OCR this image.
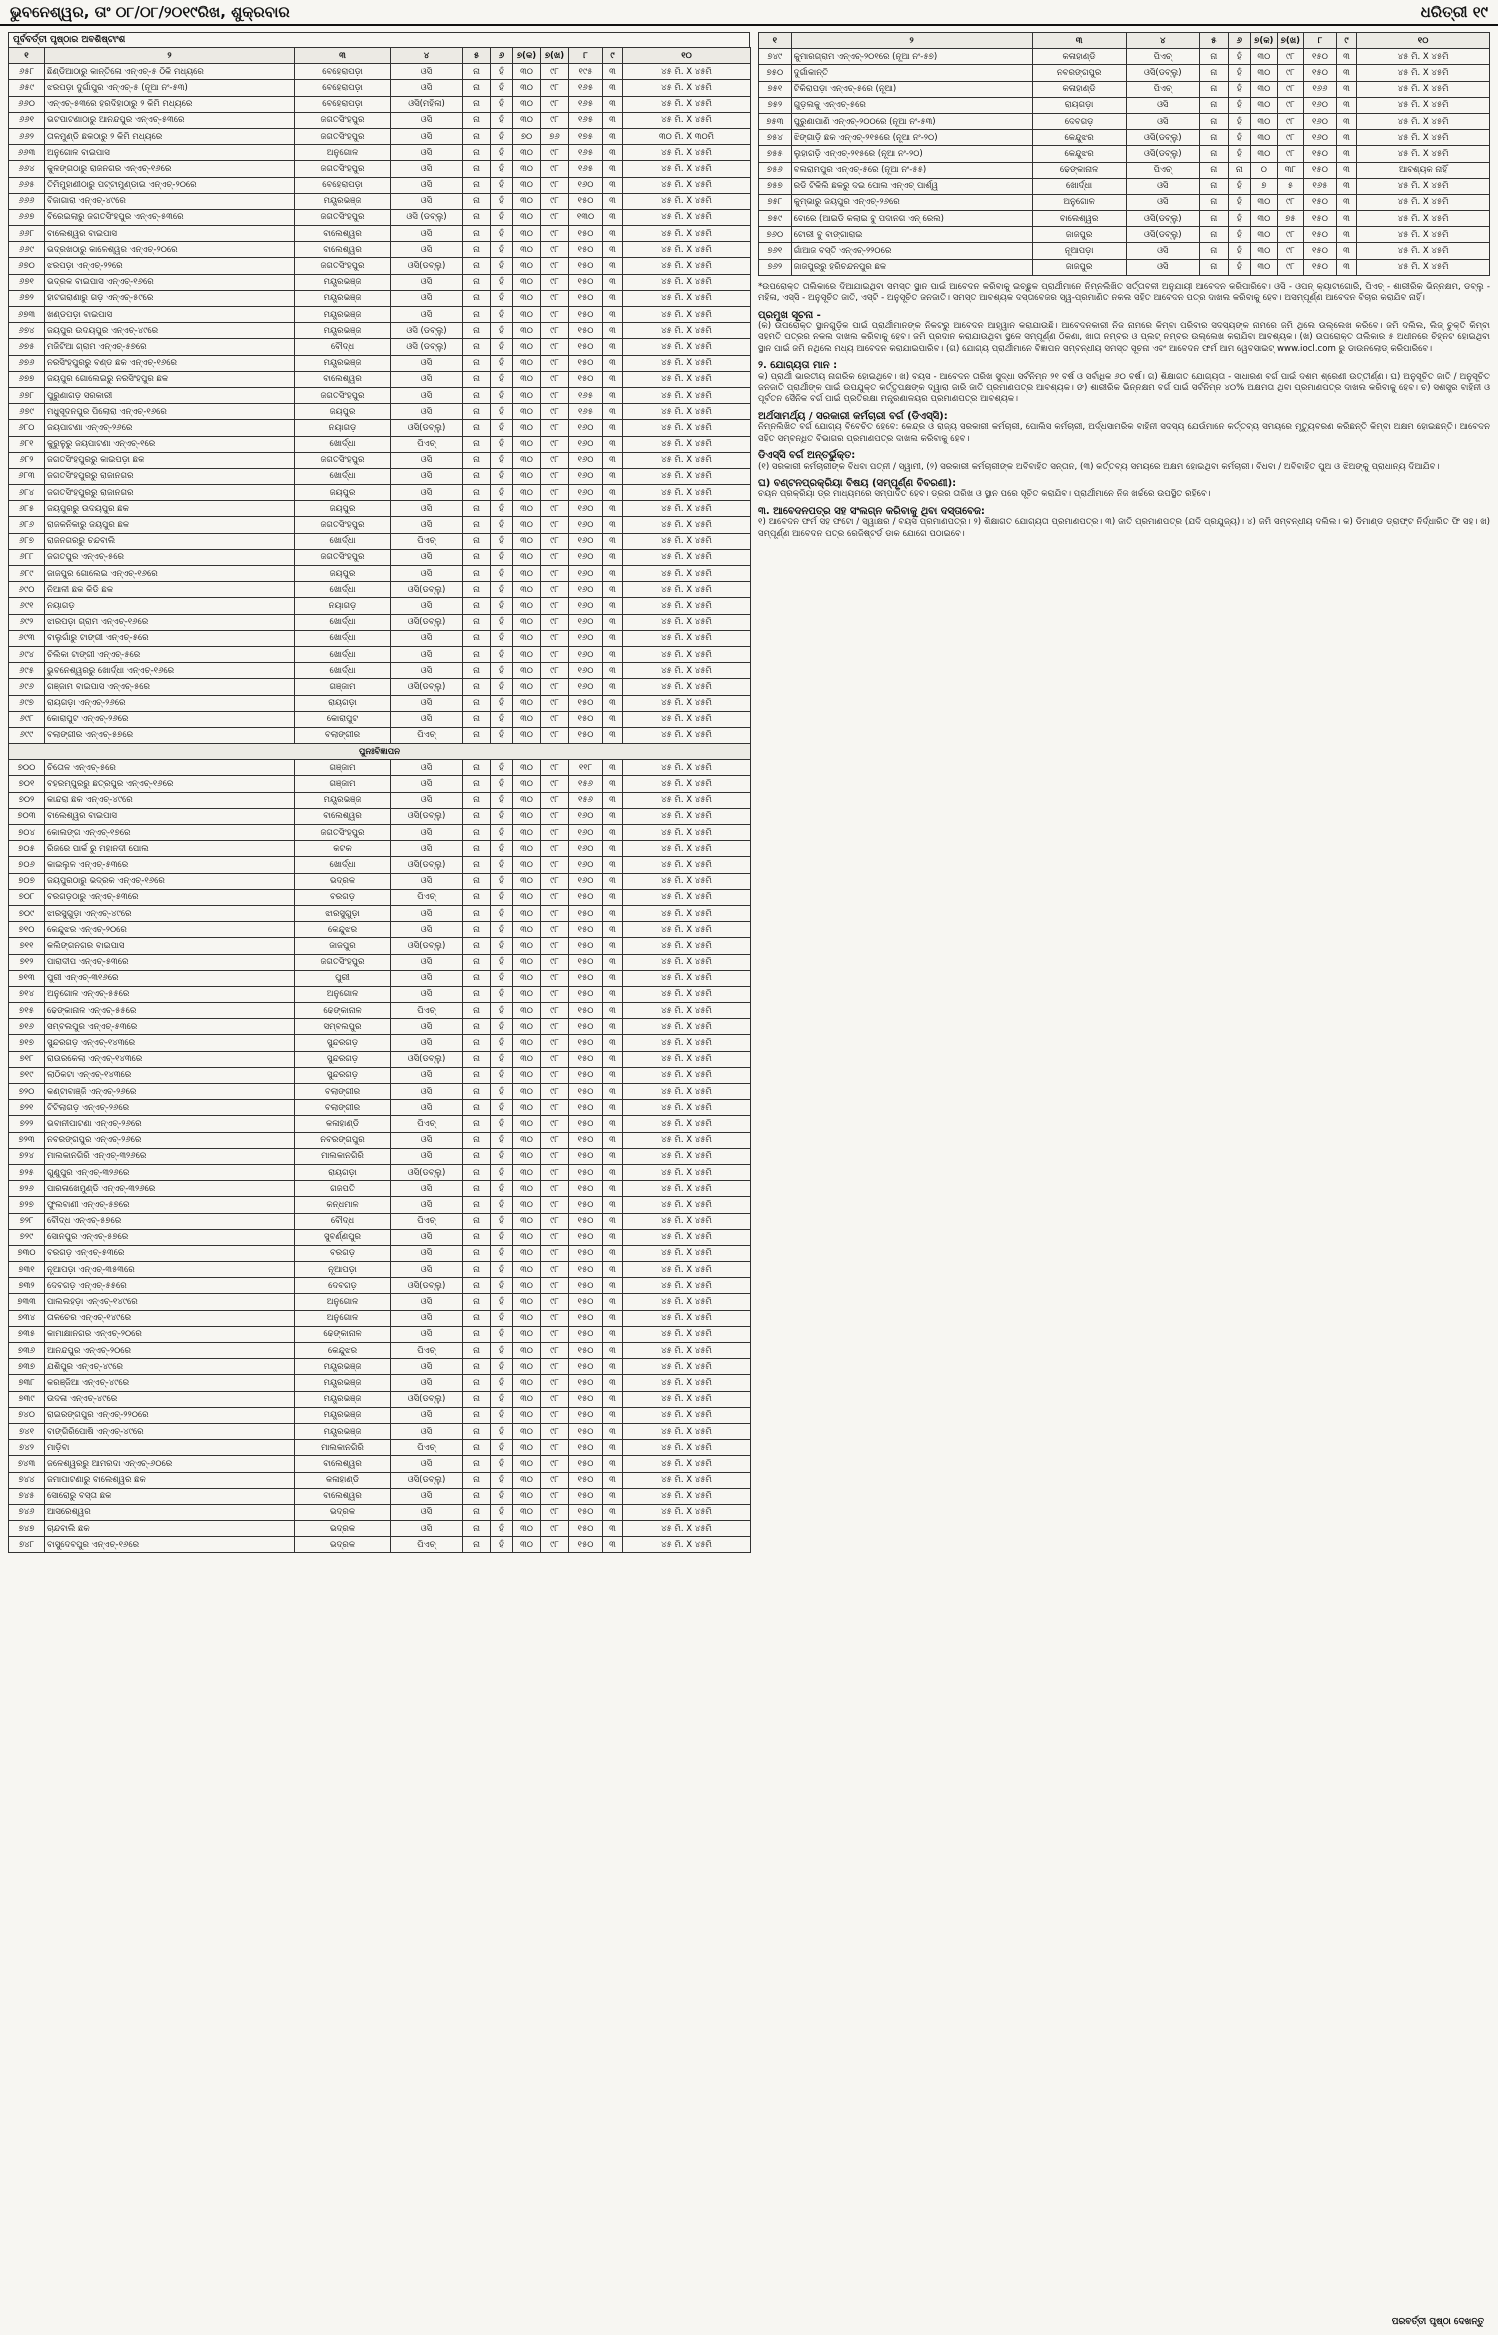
ଭୁବନେଶ୍ୱର, ତାଂ ୦୮/୦୮/୨୦୧୯ରିଖ, ଶୁକ୍ରବାର	ଧରିତ୍ରୀ ୧୯
ପୂର୍ବବର୍ତ୍ତୀ ପୃଷ୍ଠାର ଅବଶିଷ୍ଟାଂଶ
୧	୨	୩	୪	୫	୬	୭(କ)	୭(ଖ)	୮	୯	୧୦
୬୫୮	ଛିଣ୍ଡିଆଠାରୁ କାନ୍ତିଳୋ ଏନ୍‌ଏଚ୍-୫ ଠିକି ମଧ୍ୟରେ	ବେହେରାପଡ଼ା	ଓସି	ନା	ହଁ	୩୦	୯୮	୧୯୫	୩	୪୫ ମି. X ୪୫ମି
୬୫୯	ଝରପଡ଼ା ଦୁର୍ଗାପୁର ଏନ୍‌ଏଚ୍-୫ (ନୂଆ ନଂ-୫୩)	ବେହେରାପଡ଼ା	ଓସି	ନା	ହଁ	୩୦	୯୮	୧୬୫	୩	୪୫ ମି. X ୪୫ମି
୬୬୦	ଏନ୍‌ଏଚ୍-୫୩ରେ ହରଦିହାଠାରୁ ୨ କିମି ମଧ୍ୟରେ	ବେହେରାପଡ଼ା	ଓସି(ମହିଳା)	ନା	ହଁ	୩୦	୯୮	୧୬୫	୩	୪୫ ମି. X ୪୫ମି
୬୬୧	ଭଟପାଟଣାଠାରୁ ଆନନ୍ଦପୁର ଏନ୍‌ଏଚ୍-୫୩ରେ	ଜଗତସିଂହପୁର	ଓସି	ନା	ହଁ	୩୦	୯୮	୧୬୫	୩	୪୫ ମି. X ୪୫ମି
୬୬୨	ତାଳମୁଣ୍ଡି ଛକଠାରୁ ୨ କିମି ମଧ୍ୟରେ	ଜଗତସିଂହପୁର	ଓସି	ନା	ହଁ	୭୦	୭୬	୧୭୫	୩	୩୦ ମି. X ୩୦ମି
୬୬୩	ଅନୁଗୋଳ ବାଇପାସ	ଅନୁଗୋଳ	ଓସି	ନା	ହଁ	୩୦	୯୮	୧୬୫	୩	୪୫ ମି. X ୪୫ମି
୬୬୪	କୁଳଙ୍ଗଠାରୁ ରାଜନଗର ଏନ୍‌ଏଚ୍-୧୬ରେ	ଜଗତସିଂହପୁର	ଓସି	ନା	ହଁ	୩୦	୯୮	୧୬୫	୩	୪୫ ମି. X ୪୫ମି
୬୬୫	ତିମିମୁହାଣୀଠାରୁ ପଟ୍ଟାମୁଣ୍ଡାଇ ଏନ୍‌ଏଚ୍-୨୦ରେ	ବେହେରାପଡ଼ା	ଓସି	ନା	ହଁ	୩୦	୯୮	୧୬୦	୩	୪୫ ମି. X ୪୫ମି
୬୬୬	ବିଜାଗାରା ଏନ୍‌ଏଚ୍-୪୯ରେ	ମୟୂରଭଞ୍ଜ	ଓସି	ନା	ହଁ	୩୦	୯୮	୧୫୦	୩	୪୫ ମି. X ୪୫ମି
୬୬୭	ବିରେଇଲାରୁ ଜଗତସିଂହପୁର ଏନ୍‌ଏଚ୍-୫୩ରେ	ଜଗତସିଂହପୁର	ଓସି (ଡବ୍ଲୁ)	ନା	ହଁ	୩୦	୯୮	୧୩୦	୩	୪୫ ମି. X ୪୫ମି
୬୬୮	ବାଲେଶ୍ୱର ବାଇପାସ	ବାଲେଶ୍ୱର	ଓସି	ନା	ହଁ	୩୦	୯୮	୧୫୦	୩	୪୫ ମି. X ୪୫ମି
୬୬୯	ଭଦ୍ରଖଠାରୁ କାଳେଶ୍ୱର ଏନ୍‌ଏଚ୍-୨୦ରେ	ବାଲେଶ୍ୱର	ଓସି	ନା	ହଁ	୩୦	୯୮	୧୫୦	୩	୪୫ ମି. X ୪୫ମି
୬୭୦	ଝରପଡ଼ା ଏନ୍‌ଏଚ୍-୨୨ରେ	ଜଗତସିଂହପୁର	ଓସି(ଡବ୍ଲୁ)	ନା	ହଁ	୩୦	୯୮	୧୫୦	୩	୪୫ ମି. X ୪୫ମି
୬୭୧	ଭଦ୍ରକ ବାଇପାସ ଏନ୍‌ଏଚ୍-୧୬ରେ	ମୟୂରଭଞ୍ଜ	ଓସି	ନା	ହଁ	୩୦	୯୮	୧୫୦	୩	୪୫ ମି. X ୪୫ମି
୬୭୨	ହାଟଗରାଣାରୁ ଗଡ଼ ଏନ୍‌ଏଚ୍-୫୯ରେ	ମୟୂରଭଞ୍ଜ	ଓସି	ନା	ହଁ	୩୦	୯୮	୧୫୦	୩	୪୫ ମି. X ୪୫ମି
୬୭୩	ଖଣ୍ଡପଡ଼ା ବାଇପାସ	ମୟୂରଭଞ୍ଜ	ଓସି	ନା	ହଁ	୩୦	୯୮	୧୫୦	୩	୪୫ ମି. X ୪୫ମି
୬୭୪	ଜୟପୁର ଉଦୟପୁର ଏନ୍‌ଏଚ୍-୪୯ରେ	ମୟୂରଭଞ୍ଜ	ଓସି (ଡବ୍ଲୁ)	ନା	ହଁ	୩୦	୯୮	୧୫୦	୩	୪୫ ମି. X ୪୫ମି
୬୭୫	ମଜିଟିଆ ଗ୍ରାମ ଏନ୍‌ଏଚ୍-୫୭ରେ	ବୌଦ୍ଧ	ଓସି (ଡବ୍ଲୁ)	ନା	ହଁ	୩୦	୯୮	୧୫୦	୩	୪୫ ମି. X ୪୫ମି
୬୭୬	ନରସିଂହପୁରରୁ ବଣ୍ଡ ଛକ ଏନ୍‌ଏଚ୍-୧୬ରେ	ମୟୂରଭଞ୍ଜ	ଓସି	ନା	ହଁ	୩୦	୯୮	୧୫୦	୩	୪୫ ମି. X ୪୫ମି
୬୭୭	ଜୟପୁର ଗୋଲେଇରୁ ନରସିଂହପୁର ଛକ	ବାଲେଶ୍ୱର	ଓସି	ନା	ହଁ	୩୦	୯୮	୧୫୦	୩	୪୫ ମି. X ୪୫ମି
୬୭୮	ପୁରୁଣାଗଡ଼ ସରକାରୀ	ଜଗତସିଂହପୁର	ଓସି	ନା	ହଁ	୩୦	୯୮	୧୬୫	୩	୪୫ ମି. X ୪୫ମି
୬୭୯	ମଧୁସୂଦନପୁର ପିଲୋରା ଏନ୍‌ଏଚ୍-୧୬ରେ	ଜୟପୁର	ଓସି	ନା	ହଁ	୩୦	୯୮	୧୬୫	୩	୪୫ ମି. X ୪୫ମି
୬୮୦	ଜୟପାଟଣା ଏନ୍‌ଏଚ୍-୨୬ରେ	ନୟାଗଡ଼	ଓସି(ଡବ୍ଲୁ)	ନା	ହଁ	୩୦	୯୮	୧୬୦	୩	୪୫ ମି. X ୪୫ମି
୬୮୧	କୁରୁଳୁରୁ ଜୟପାଟଣା ଏନ୍‌ଏଚ୍-୧ରେ	ଖୋର୍ଦ୍ଧା	ପିଏଚ୍	ନା	ହଁ	୩୦	୯୮	୧୬୦	୩	୪୫ ମି. X ୪୫ମି
୬୮୨	ଜଗତସିଂହପୁରରୁ କାଇପଡ଼ା ଛକ	ଜଗତସିଂହପୁର	ଓସି	ନା	ହଁ	୩୦	୯୮	୧୬୦	୩	୪୫ ମି. X ୪୫ମି
୬୮୩	ଜଗତସିଂହପୁରରୁ ରାଜାନଗର	ଖୋର୍ଦ୍ଧା	ଓସି	ନା	ହଁ	୩୦	୯୮	୧୬୦	୩	୪୫ ମି. X ୪୫ମି
୬୮୪	ଜଗତସିଂହପୁରରୁ ରାଜାନଗର	ଜୟପୁର	ଓସି	ନା	ହଁ	୩୦	୯୮	୧୬୦	୩	୪୫ ମି. X ୪୫ମି
୬୮୫	ଜୟପୁରରୁ ଉଦୟପୁର ଛକ	ଜୟପୁର	ଓସି	ନା	ହଁ	୩୦	୯୮	୧୬୦	୩	୪୫ ମି. X ୪୫ମି
୬୮୬	ରାଜକନିକାରୁ ଜୟପୁର ଛକ	ଜଗତସିଂହପୁର	ଓସି	ନା	ହଁ	୩୦	୯୮	୧୬୦	୩	୪୫ ମି. X ୪୫ମି
୬୮୭	ରାଜନଗରରୁ ଚନ୍ଦବାଲି	ଖୋର୍ଦ୍ଧା	ପିଏଚ୍	ନା	ହଁ	୩୦	୯୮	୧୬୦	୩	୪୫ ମି. X ୪୫ମି
୬୮୮	ଜଗତପୁର ଏନ୍‌ଏଚ୍-୫ରେ	ଜଗତସିଂହପୁର	ଓସି	ନା	ହଁ	୩୦	୯୮	୧୬୦	୩	୪୫ ମି. X ୪୫ମି
୬୮୯	ଜାଜପୁର ଗୋଲେଇ ଏନ୍‌ଏଚ୍-୧୬ରେ	ଜୟପୁର	ଓସି	ନା	ହଁ	୩୦	୯୮	୧୬୦	୩	୪୫ ମି. X ୪୫ମି
୬୯୦	ନିଆଳୀ ଛକ କିଡି ଛକ	ଖୋର୍ଦ୍ଧା	ଓସି(ଡବ୍ଲୁ)	ନା	ହଁ	୩୦	୯୮	୧୬୦	୩	୪୫ ମି. X ୪୫ମି
୬୯୧	ନୟାଗଡ଼	ନୟାଗଡ଼	ଓସି	ନା	ହଁ	୩୦	୯୮	୧୬୦	୩	୪୫ ମି. X ୪୫ମି
୬୯୨	ଝାରପଡ଼ା ଗ୍ରାମ ଏନ୍‌ଏଚ୍-୧୬ରେ	ଖୋର୍ଦ୍ଧା	ଓସି(ଡବ୍ଲୁ)	ନା	ହଁ	୩୦	୯୮	୧୬୦	୩	୪୫ ମି. X ୪୫ମି
୬୯୩	ବାଲୁଗାଁରୁ ଟାଙ୍ଗୀ ଏନ୍‌ଏଚ୍-୫ରେ	ଖୋର୍ଦ୍ଧା	ଓସି	ନା	ହଁ	୩୦	୯୮	୧୬୦	୩	୪୫ ମି. X ୪୫ମି
୬୯୪	ଚିଲିକା ଟାଙ୍ଗୀ ଏନ୍‌ଏଚ୍-୫ରେ	ଖୋର୍ଦ୍ଧା	ଓସି	ନା	ହଁ	୩୦	୯୮	୧୬୦	୩	୪୫ ମି. X ୪୫ମି
୬୯୫	ଭୁବନେଶ୍ୱରରୁ ଖୋର୍ଦ୍ଧା ଏନ୍‌ଏଚ୍-୧୬ରେ	ଖୋର୍ଦ୍ଧା	ଓସି	ନା	ହଁ	୩୦	୯୮	୧୬୦	୩	୪୫ ମି. X ୪୫ମି
୬୯୬	ଗଞ୍ଜାମ ବାଇପାସ ଏନ୍‌ଏଚ୍-୫ରେ	ଗଞ୍ଜାମ	ଓସି(ଡବ୍ଲୁ)	ନା	ହଁ	୩୦	୯୮	୧୬୦	୩	୪୫ ମି. X ୪୫ମି
୬୯୭	ରାୟଗଡ଼ା ଏନ୍‌ଏଚ୍-୨୬ରେ	ରାୟଗଡ଼ା	ଓସି	ନା	ହଁ	୩୦	୯୮	୧୫୦	୩	୪୫ ମି. X ୪୫ମି
୬୯୮	କୋରାପୁଟ ଏନ୍‌ଏଚ୍-୨୬ରେ	କୋରାପୁଟ	ଓସି	ନା	ହଁ	୩୦	୯୮	୧୫୦	୩	୪୫ ମି. X ୪୫ମି
୬୯୯	ବଲାଙ୍ଗୀର ଏନ୍‌ଏଚ୍-୫୭ରେ	ବଲାଙ୍ଗୀର	ପିଏଚ୍	ନା	ହଁ	୩୦	୯୮	୧୫୦	୩	୪୫ ମି. X ୪୫ମି
ପୁନଃବିଜ୍ଞାପନ										
୭୦୦	ଚିତୋଳ ଏନ୍‌ଏଚ୍-୫ରେ	ଗଞ୍ଜାମ	ଓସି	ନା	ହଁ	୩୦	୯୮	୧୧୮	୩	୪୫ ମି. X ୪୫ମି
୭୦୧	ବହରମ୍ପୁରରୁ ଛତ୍ରପୁର ଏନ୍‌ଏଚ୍-୧୬ରେ	ଗଞ୍ଜାମ	ଓସି	ନା	ହଁ	୩୦	୯୮	୧୫୬	୩	୪୫ ମି. X ୪୫ମି
୭୦୨	କାନ୍ଦରା ଛକ ଏନ୍‌ଏଚ୍-୪୯ରେ	ମୟୂରଭଞ୍ଜ	ଓସି	ନା	ହଁ	୩୦	୯୮	୧୫୬	୩	୪୫ ମି. X ୪୫ମି
୭୦୩	ବାଲେଶ୍ୱର ବାଇପାସ	ବାଲେଶ୍ୱର	ଓସି(ଡବ୍ଲୁ)	ନା	ହଁ	୩୦	୯୮	୧୬୦	୩	୪୫ ମି. X ୪୫ମି
୭୦୪	କୋଲଙ୍ଗ ଏନ୍‌ଏଚ୍-୧୭ରେ	ଜଗତସିଂହପୁର	ଓସି	ନା	ହଁ	୩୦	୯୮	୧୬୦	୩	୪୫ ମି. X ୪୫ମି
୭୦୫	ରିଜରେ ପାର୍କ ରୁ ମହାନଦୀ ପୋଲ	କଟକ	ଓସି	ନା	ହଁ	୩୦	୯୮	୧୬୦	୩	୪୫ ମି. X ୪୫ମି
୭୦୬	କାଇଲୁଳ ଏନ୍‌ଏଚ୍-୫୩ରେ	ଖୋର୍ଦ୍ଧା	ଓସି(ଡବ୍ଲୁ)	ନା	ହଁ	୩୦	୯୮	୧୬୦	୩	୪୫ ମି. X ୪୫ମି
୭୦୭	ଜୟପୁରଠାରୁ ଭଦ୍ରକ ଏନ୍‌ଏଚ୍-୧୬ରେ	ଭଦ୍ରକ	ଓସି	ନା	ହଁ	୩୦	୯୮	୧୬୦	୩	୪୫ ମି. X ୪୫ମି
୭୦୮	ବରଗଡ଼ଠାରୁ ଏନ୍‌ଏଚ୍-୫୩ରେ	ବରଗଡ଼	ପିଏଚ୍	ନା	ହଁ	୩୦	୯୮	୧୫୦	୩	୪୫ ମି. X ୪୫ମି
୭୦୯	ଝାରସୁଗୁଡ଼ା ଏନ୍‌ଏଚ୍-୪୯ରେ	ଝାରସୁଗୁଡ଼ା	ଓସି	ନା	ହଁ	୩୦	୯୮	୧୫୦	୩	୪୫ ମି. X ୪୫ମି
୭୧୦	କେନ୍ଦୁଝର ଏନ୍‌ଏଚ୍-୨୦ରେ	କେନ୍ଦୁଝର	ଓସି	ନା	ହଁ	୩୦	୯୮	୧୫୦	୩	୪୫ ମି. X ୪୫ମି
୭୧୧	କଲିଙ୍ଗନଗର ବାଇପାସ	ଜାଜପୁର	ଓସି(ଡବ୍ଲୁ)	ନା	ହଁ	୩୦	୯୮	୧୫୦	୩	୪୫ ମି. X ୪୫ମି
୭୧୨	ପାରାଦୀପ ଏନ୍‌ଏଚ୍-୫୩ରେ	ଜଗତସିଂହପୁର	ଓସି	ନା	ହଁ	୩୦	୯୮	୧୫୦	୩	୪୫ ମି. X ୪୫ମି
୭୧୩	ପୁରୀ ଏନ୍‌ଏଚ୍-୩୧୬ରେ	ପୁରୀ	ଓସି	ନା	ହଁ	୩୦	୯୮	୧୫୦	୩	୪୫ ମି. X ୪୫ମି
୭୧୪	ଅନୁଗୋଳ ଏନ୍‌ଏଚ୍-୫୫ରେ	ଅନୁଗୋଳ	ଓସି	ନା	ହଁ	୩୦	୯୮	୧୫୦	୩	୪୫ ମି. X ୪୫ମି
୭୧୫	ଢେଙ୍କାନାଳ ଏନ୍‌ଏଚ୍-୫୫ରେ	ଢେଙ୍କାନାଳ	ପିଏଚ୍	ନା	ହଁ	୩୦	୯୮	୧୫୦	୩	୪୫ ମି. X ୪୫ମି
୭୧୬	ସମ୍ବଲପୁର ଏନ୍‌ଏଚ୍-୫୩ରେ	ସମ୍ବଲପୁର	ଓସି	ନା	ହଁ	୩୦	୯୮	୧୫୦	୩	୪୫ ମି. X ୪୫ମି
୭୧୭	ସୁନ୍ଦରଗଡ଼ ଏନ୍‌ଏଚ୍-୧୪୩ରେ	ସୁନ୍ଦରଗଡ଼	ଓସି	ନା	ହଁ	୩୦	୯୮	୧୫୦	୩	୪୫ ମି. X ୪୫ମି
୭୧୮	ରାଉରକେଲା ଏନ୍‌ଏଚ୍-୧୪୩ରେ	ସୁନ୍ଦରଗଡ଼	ଓସି(ଡବ୍ଲୁ)	ନା	ହଁ	୩୦	୯୮	୧୫୦	୩	୪୫ ମି. X ୪୫ମି
୭୧୯	ଲାଠିକଟା ଏନ୍‌ଏଚ୍-୧୪୩ରେ	ସୁନ୍ଦରଗଡ଼	ଓସି	ନା	ହଁ	୩୦	୯୮	୧୫୦	୩	୪୫ ମି. X ୪୫ମି
୭୨୦	କଣ୍ଟାବାଞ୍ଜି ଏନ୍‌ଏଚ୍-୨୬ରେ	ବଲାଙ୍ଗୀର	ଓସି	ନା	ହଁ	୩୦	୯୮	୧୫୦	୩	୪୫ ମି. X ୪୫ମି
୭୨୧	ଟିଟିଲାଗଡ଼ ଏନ୍‌ଏଚ୍-୨୬ରେ	ବଲାଙ୍ଗୀର	ଓସି	ନା	ହଁ	୩୦	୯୮	୧୫୦	୩	୪୫ ମି. X ୪୫ମି
୭୨୨	ଭବାନୀପାଟଣା ଏନ୍‌ଏଚ୍-୨୬ରେ	କଳାହାଣ୍ଡି	ପିଏଚ୍	ନା	ହଁ	୩୦	୯୮	୧୫୦	୩	୪୫ ମି. X ୪୫ମି
୭୨୩	ନବରଙ୍ଗପୁର ଏନ୍‌ଏଚ୍-୨୬ରେ	ନବରଙ୍ଗପୁର	ଓସି	ନା	ହଁ	୩୦	୯୮	୧୫୦	୩	୪୫ ମି. X ୪୫ମି
୭୨୪	ମାଲକାନଗିରି ଏନ୍‌ଏଚ୍-୩୨୬ରେ	ମାଲକାନଗିରି	ଓସି	ନା	ହଁ	୩୦	୯୮	୧୫୦	୩	୪୫ ମି. X ୪୫ମି
୭୨୫	ଗୁଣୁପୁର ଏନ୍‌ଏଚ୍-୩୨୬ରେ	ରାୟଗଡ଼ା	ଓସି(ଡବ୍ଲୁ)	ନା	ହଁ	୩୦	୯୮	୧୫୦	୩	୪୫ ମି. X ୪୫ମି
୭୨୬	ପାରଳାଖେମୁଣ୍ଡି ଏନ୍‌ଏଚ୍-୩୨୬ରେ	ଗଜପତି	ଓସି	ନା	ହଁ	୩୦	୯୮	୧୫୦	୩	୪୫ ମି. X ୪୫ମି
୭୨୭	ଫୁଲବାଣୀ ଏନ୍‌ଏଚ୍-୫୭ରେ	କନ୍ଧମାଳ	ଓସି	ନା	ହଁ	୩୦	୯୮	୧୫୦	୩	୪୫ ମି. X ୪୫ମି
୭୨୮	ବୌଦ୍ଧ ଏନ୍‌ଏଚ୍-୫୭ରେ	ବୌଦ୍ଧ	ପିଏଚ୍	ନା	ହଁ	୩୦	୯୮	୧୫୦	୩	୪୫ ମି. X ୪୫ମି
୭୨୯	ସୋନପୁର ଏନ୍‌ଏଚ୍-୫୭ରେ	ସୁବର୍ଣ୍ଣପୁର	ଓସି	ନା	ହଁ	୩୦	୯୮	୧୫୦	୩	୪୫ ମି. X ୪୫ମି
୭୩୦	ବରଗଡ଼ ଏନ୍‌ଏଚ୍-୫୩ରେ	ବରଗଡ଼	ଓସି	ନା	ହଁ	୩୦	୯୮	୧୫୦	୩	୪୫ ମି. X ୪୫ମି
୭୩୧	ନୂଆପଡ଼ା ଏନ୍‌ଏଚ୍-୩୫୩ରେ	ନୂଆପଡ଼ା	ଓସି	ନା	ହଁ	୩୦	୯୮	୧୫୦	୩	୪୫ ମି. X ୪୫ମି
୭୩୨	ଦେବଗଡ଼ ଏନ୍‌ଏଚ୍-୫୫ରେ	ଦେବଗଡ଼	ଓସି(ଡବ୍ଲୁ)	ନା	ହଁ	୩୦	୯୮	୧୫୦	୩	୪୫ ମି. X ୪୫ମି
୭୩୩	ପାଲଲହଡ଼ା ଏନ୍‌ଏଚ୍-୧୪୯ରେ	ଅନୁଗୋଳ	ଓସି	ନା	ହଁ	୩୦	୯୮	୧୫୦	୩	୪୫ ମି. X ୪୫ମି
୭୩୪	ତାଳଚେର ଏନ୍‌ଏଚ୍-୧୪୯ରେ	ଅନୁଗୋଳ	ଓସି	ନା	ହଁ	୩୦	୯୮	୧୫୦	୩	୪୫ ମି. X ୪୫ମି
୭୩୫	କାମାକ୍ଷାନଗର ଏନ୍‌ଏଚ୍-୨୦ରେ	ଢେଙ୍କାନାଳ	ଓସି	ନା	ହଁ	୩୦	୯୮	୧୫୦	୩	୪୫ ମି. X ୪୫ମି
୭୩୬	ଆନନ୍ଦପୁର ଏନ୍‌ଏଚ୍-୨୦ରେ	କେନ୍ଦୁଝର	ପିଏଚ୍	ନା	ହଁ	୩୦	୯୮	୧୫୦	୩	୪୫ ମି. X ୪୫ମି
୭୩୭	ଯଶିପୁର ଏନ୍‌ଏଚ୍-୪୯ରେ	ମୟୂରଭଞ୍ଜ	ଓସି	ନା	ହଁ	୩୦	୯୮	୧୫୦	୩	୪୫ ମି. X ୪୫ମି
୭୩୮	କରଞ୍ଜିଆ ଏନ୍‌ଏଚ୍-୪୯ରେ	ମୟୂରଭଞ୍ଜ	ଓସି	ନା	ହଁ	୩୦	୯୮	୧୫୦	୩	୪୫ ମି. X ୪୫ମି
୭୩୯	ଉଦଳା ଏନ୍‌ଏଚ୍-୪୯ରେ	ମୟୂରଭଞ୍ଜ	ଓସି(ଡବ୍ଲୁ)	ନା	ହଁ	୩୦	୯୮	୧୫୦	୩	୪୫ ମି. X ୪୫ମି
୭୪୦	ରାଇରଙ୍ଗପୁର ଏନ୍‌ଏଚ୍-୨୨୦ରେ	ମୟୂରଭଞ୍ଜ	ଓସି	ନା	ହଁ	୩୦	୯୮	୧୫୦	୩	୪୫ ମି. X ୪୫ମି
୭୪୧	ବାଙ୍ଗିରିପୋଷି ଏନ୍‌ଏଚ୍-୪୯ରେ	ମୟୂରଭଞ୍ଜ	ଓସି	ନା	ହଁ	୩୦	୯୮	୧୫୦	୩	୪୫ ମି. X ୪୫ମି
୭୪୨	ମାଡ଼ିବା	ମାଲକାନଗିରି	ପିଏଚ୍	ନା	ହଁ	୩୦	୯୮	୧୫୦	୩	୪୫ ମି. X ୪୫ମି
୭୪୩	ଜଳେଶ୍ୱରରୁ ଆମରଦା ଏନ୍‌ଏଚ୍-୬୦ରେ	ବାଲେଶ୍ୱର	ଓସି	ନା	ହଁ	୩୦	୯୮	୧୫୦	୩	୪୫ ମି. X ୪୫ମି
୭୪୪	ଜମାପାଟଣାରୁ ବାଲେଶ୍ୱର ଛକ	କଳାହାଣ୍ଡି	ଓସି(ଡବ୍ଲୁ)	ନା	ହଁ	୩୦	୯୮	୧୫୦	୩	୪୫ ମି. X ୪୫ମି
୭୪୫	ସୋରୋରୁ ବସ୍ତା ଛକ	ବାଲେଶ୍ୱର	ଓସି	ନା	ହଁ	୩୦	୯୮	୧୫୦	୩	୪୫ ମି. X ୪୫ମି
୭୪୬	ଆସରେଶ୍ୱର	ଭଦ୍ରକ	ଓସି	ନା	ହଁ	୩୦	୯୮	୧୫୦	୩	୪୫ ମି. X ୪୫ମି
୭୪୭	ଚାନ୍ଦବାଲି ଛକ	ଭଦ୍ରକ	ଓସି	ନା	ହଁ	୩୦	୯୮	୧୫୦	୩	୪୫ ମି. X ୪୫ମି
୭୪୮	ବାସୁଦେବପୁର ଏନ୍‌ଏଚ୍-୧୬ରେ	ଭଦ୍ରକ	ପିଏଚ୍	ନା	ହଁ	୩୦	୯୮	୧୫୦	୩	୪୫ ମି. X ୪୫ମି
୧	୨	୩	୪	୫	୬	୭(କ)	୭(ଖ)	୮	୯	୧୦
୭୪୯	କୁମାରଗ୍ରାମ ଏନ୍‌ଏଚ୍-୨୦୧ରେ (ନୂଆ ନଂ-୫୭)	କଳାହାଣ୍ଡି	ପିଏଚ୍	ନା	ହଁ	୩୦	୯୮	୧୫୦	୩	୪୫ ମି. X ୪୫ମି
୭୫୦	ଦୁର୍ଗାକାନ୍ତି	ନବରଙ୍ଗପୁର	ଓସି(ଡବ୍ଲୁ)	ନା	ହଁ	୩୦	୯୮	୧୫୦	୩	୪୫ ମି. X ୪୫ମି
୭୫୧	ଟିକିରାପଡ଼ା ଏନ୍‌ଏଚ୍-୫ରେ (ନୂଆ)	କଳାହାଣ୍ଡି	ପିଏଚ୍	ନା	ହଁ	୩୦	୯୮	୧୬୬	୩	୪୫ ମି. X ୪୫ମି
୭୫୨	ଗୁଡ଼ଲକୁ ଏନ୍‌ଏଚ୍-୫ରେ	ରାୟଗଡ଼ା	ଓସି	ନା	ହଁ	୩୦	୯୮	୧୬୦	୩	୪୫ ମି. X ୪୫ମି
୭୫୩	ପୁରୁଣାପାଣି ଏନ୍‌ଏଚ୍-୨୦୦ରେ (ନୂଆ ନଂ-୫୩)	ଦେବଗଡ଼	ଓସି	ନା	ହଁ	୩୦	୯୮	୧୬୦	୩	୪୫ ମି. X ୪୫ମି
୭୫୪	ଝିଙ୍ଗାଡ଼ି ଛକ ଏନ୍‌ଏଚ୍-୨୧୫ରେ (ନୂଆ ନଂ-୨୦)	କେନ୍ଦୁଝର	ଓସି(ଡବ୍ଲୁ)	ନା	ହଁ	୩୦	୯୮	୧୬୦	୩	୪୫ ମି. X ୪୫ମି
୭୫୫	ଲୁହାଗଡ଼ି ଏନ୍‌ଏଚ୍-୨୧୫ରେ (ନୂଆ ନଂ-୨୦)	କେନ୍ଦୁଝର	ଓସି(ଡବ୍ଲୁ)	ନା	ହଁ	୩୦	୯୮	୧୫୦	୩	୪୫ ମି. X ୪୫ମି
୭୫୬	ବଲରାମପୁର ଏନ୍‌ଏଚ୍-୫ରେ (ନୂଆ ନଂ-୫୫)	ଢେଙ୍କାନାଳ	ପିଏଚ୍	ନା	ନା	୦	୩୮	୧୫୦	୩	ଆବଶ୍ୟକ ନାହିଁ
୭୫୭	ରଡି ଟିକିଲି ଛକରୁ ଦଇ ପୋଲ ଏନ୍‌ଏଚ୍ ପାର୍ଶ୍ୱ	ଖୋର୍ଦ୍ଧା	ଓସି	ନା	ହଁ	୭	୫	୧୬୫	୩	୪୫ ମି. X ୪୫ମି
୭୫୮	କୁମ୍ଭାରୁ ଜୟପୁର ଏନ୍‌ଏଚ୍-୨୬ରେ	ଅନୁଗୋଳ	ଓସି	ନା	ହଁ	୩୦	୯୮	୧୫୦	୩	୪୫ ମି. X ୪୫ମି
୭୫୯	ବୋରେ (ଆଇଡି କଲାଇ ବୁ ପଦାନଗ ଏନ୍ ରେଲ)	ବାଲେଶ୍ୱର	ଓସି(ଡବ୍ଲୁ)	ନା	ହଁ	୩୦	୭୫	୧୫୦	୩	୪୫ ମି. X ୪୫ମି
୭୬୦	ଟୋରୀ ବୁ ବାଙ୍ଗାରାଇ	ଜାଜପୁର	ଓସି(ଡବ୍ଲୁ)	ନା	ହଁ	୩୦	୯୮	୧୫୦	୩	୪୫ ମି. X ୪୫ମି
୭୬୧	ଗାଁଆଜ ବସ୍ତି ଏନ୍‌ଏଚ୍-୨୨୦ରେ	ନୂଆପଡ଼ା	ଓସି	ନା	ହଁ	୩୦	୯୮	୧୫୦	୩	୪୫ ମି. X ୪୫ମି
୭୬୨	ଜାଜପୁରରୁ ହରିଚନ୍ଦନପୁର ଛକ	ଜାଜପୁର	ଓସି	ନା	ହଁ	୩୦	୯୮	୧୫୦	୩	୪୫ ମି. X ୪୫ମି

*ଉପରୋକ୍ତ ତାଲିକାରେ ଦିଆଯାଇଥିବା ସମସ୍ତ ସ୍ଥାନ ପାଇଁ ଆବେଦନ କରିବାକୁ ଇଚ୍ଛୁକ ପ୍ରାର୍ଥୀମାନେ ନିମ୍ନଲିଖିତ ସର୍ତ୍ତାବଳୀ ଅନୁଯାୟୀ ଆବେଦନ କରିପାରିବେ। ଓସି - ଓପନ୍ କ୍ୟାଟାଗୋରି, ପିଏଚ୍ - ଶାରୀରିକ ଭିନ୍ନକ୍ଷମ, ଡବ୍ଲୁ - ମହିଳା, ଏସ୍‌ସି - ଅନୁସୂଚିତ ଜାତି, ଏସ୍‌ଟି - ଅନୁସୂଚିତ ଜନଜାତି। ସମସ୍ତ ଆବଶ୍ୟକ ଦସ୍ତାବେଜର ସ୍ୱ-ପ୍ରମାଣିତ ନକଲ ସହିତ ଆବେଦନ ପତ୍ର ଦାଖଲ କରିବାକୁ ହେବ। ଅସମ୍ପୂର୍ଣ୍ଣ ଆବେଦନ ବିଚାର କରାଯିବ ନାହିଁ।

ପ୍ରମୁଖ ସୂଚନା -

(କ) ଉପରୋକ୍ତ ସ୍ଥାନଗୁଡ଼ିକ ପାଇଁ ପ୍ରାର୍ଥୀମାନଙ୍କ ନିକଟରୁ ଆବେଦନ ଆହ୍ୱାନ କରାଯାଉଛି। ଆବେଦନକାରୀ ନିଜ ନାମରେ କିମ୍ବା ପରିବାର ସଦସ୍ୟଙ୍କ ନାମରେ ଜମି ଥିଲେ ଉଲ୍ଲେଖ କରିବେ। ଜମି ଦଲିଲ, ଲିଜ୍ ଚୁକ୍ତି କିମ୍ବା ସହମତି ପତ୍ରର ନକଲ ଦାଖଲ କରିବାକୁ ହେବ। ଜମି ପ୍ରଦାନ କରାଯାଉଥିବା ସ୍ଥଳେ ସମ୍ପୂର୍ଣ୍ଣ ଠିକଣା, ଖାତା ନମ୍ବର ଓ ପ୍ଲଟ୍ ନମ୍ବର ଉଲ୍ଲେଖ କରାଯିବା ଆବଶ୍ୟକ। (ଖ) ଉପରୋକ୍ତ ତାଲିକାର ୫ ଅଧୀନରେ ଚିହ୍ନଟ ହୋଇଥିବା ସ୍ଥାନ ପାଇଁ ଜମି ନଥିଲେ ମଧ୍ୟ ଆବେଦନ କରାଯାଇପାରିବ। (ଗ) ଯୋଗ୍ୟ ପ୍ରାର୍ଥୀମାନେ ବିଜ୍ଞାପନ ସମ୍ବନ୍ଧୀୟ ସମସ୍ତ ସୂଚନା ଏବଂ ଆବେଦନ ଫର୍ମ ଆମ ୱେବସାଇଟ୍ www.iocl.com ରୁ ଡାଉନଲୋଡ୍ କରିପାରିବେ।

୨. ଯୋଗ୍ୟତା ମାନ :

କ) ପ୍ରାର୍ଥୀ ଭାରତୀୟ ନାଗରିକ ହୋଇଥିବେ। ଖ) ବୟସ - ଆବେଦନ ତାରିଖ ସୁଦ୍ଧା ସର୍ବନିମ୍ନ ୨୧ ବର୍ଷ ଓ ସର୍ବାଧିକ ୬୦ ବର୍ଷ। ଗ) ଶିକ୍ଷାଗତ ଯୋଗ୍ୟତା - ସାଧାରଣ ବର୍ଗ ପାଇଁ ଦଶମ ଶ୍ରେଣୀ ଉତ୍ତୀର୍ଣ୍ଣ। ଘ) ଅନୁସୂଚିତ ଜାତି / ଅନୁସୂଚିତ ଜନଜାତି ପ୍ରାର୍ଥୀଙ୍କ ପାଇଁ ଉପଯୁକ୍ତ କର୍ତ୍ତୃପକ୍ଷଙ୍କ ଦ୍ୱାରା ଜାରି ଜାତି ପ୍ରମାଣପତ୍ର ଆବଶ୍ୟକ। ଙ) ଶାରୀରିକ ଭିନ୍ନକ୍ଷମ ବର୍ଗ ପାଇଁ ସର୍ବନିମ୍ନ ୪୦% ଅକ୍ଷମତା ଥିବା ପ୍ରମାଣପତ୍ର ଦାଖଲ କରିବାକୁ ହେବ। ଚ) ସଶସ୍ତ୍ର ବାହିନୀ ଓ ପୂର୍ବତନ ସୈନିକ ବର୍ଗ ପାଇଁ ପ୍ରତିରକ୍ଷା ମନ୍ତ୍ରଣାଳୟର ପ୍ରମାଣପତ୍ର ଆବଶ୍ୟକ।

ଅର୍ଥସାମର୍ଥ୍ୟ / ସରକାରୀ କର୍ମଚାରୀ ବର୍ଗ (ଡିଏସ୍‌ସି):

ନିମ୍ନଲିଖିତ ବର୍ଗ ଯୋଗ୍ୟ ବିବେଚିତ ହେବେ: କେନ୍ଦ୍ର ଓ ରାଜ୍ୟ ସରକାରୀ କର୍ମଚାରୀ, ପୋଲିସ କର୍ମଚାରୀ, ଅର୍ଦ୍ଧସାମରିକ ବାହିନୀ ସଦସ୍ୟ ଯେଉଁମାନେ କର୍ତ୍ତବ୍ୟ ସମୟରେ ମୃତ୍ୟୁବରଣ କରିଛନ୍ତି କିମ୍ବା ଅକ୍ଷମ ହୋଇଛନ୍ତି। ଆବେଦନ ସହିତ ସମ୍ବନ୍ଧିତ ବିଭାଗର ପ୍ରମାଣପତ୍ର ଦାଖଲ କରିବାକୁ ହେବ।

ଡିଏସ୍‌ସି ବର୍ଗ ଅନ୍ତର୍ଭୁକ୍ତ:

(୧) ସରକାରୀ କର୍ମଚାରୀଙ୍କ ବିଧବା ପତ୍ନୀ / ସ୍ୱାମୀ, (୨) ସରକାରୀ କର୍ମଚାରୀଙ୍କ ଅବିବାହିତ ସନ୍ତାନ, (୩) କର୍ତ୍ତବ୍ୟ ସମୟରେ ଅକ୍ଷମ ହୋଇଥିବା କର୍ମଚାରୀ। ବିଧବା / ଅବିବାହିତ ପୁଅ ଓ ଝିଅଙ୍କୁ ପ୍ରାଧାନ୍ୟ ଦିଆଯିବ।

ଘ) ବଣ୍ଟନପ୍ରକ୍ରିୟା ବିଷୟ (ସମ୍ପୂର୍ଣ୍ଣ ବିବରଣୀ):

ଚୟନ ପ୍ରକ୍ରିୟା ଡ୍ର ମାଧ୍ୟମରେ ସମ୍ପାଦିତ ହେବ। ଡ୍ରର ତାରିଖ ଓ ସ୍ଥାନ ପରେ ସୂଚିତ କରାଯିବ। ପ୍ରାର୍ଥୀମାନେ ନିଜ ଖର୍ଚ୍ଚରେ ଉପସ୍ଥିତ ରହିବେ।

୩. ଆବେଦନପତ୍ର ସହ ସଂଲଗ୍ନ କରିବାକୁ ଥିବା ଦସ୍ତାବେଜ:

୧) ଆବେଦନ ଫର୍ମ ସହ ଫଟୋ / ସ୍ୱାକ୍ଷର / ବୟସ ପ୍ରମାଣପତ୍ର। ୨) ଶିକ୍ଷାଗତ ଯୋଗ୍ୟତା ପ୍ରମାଣପତ୍ର। ୩) ଜାତି ପ୍ରମାଣପତ୍ର (ଯଦି ପ୍ରଯୁଜ୍ୟ)। ୪) ଜମି ସମ୍ବନ୍ଧୀୟ ଦଲିଲ। କ) ଡିମାଣ୍ଡ ଡ୍ରାଫ୍ଟ ନିର୍ଦ୍ଧାରିତ ଫି ସହ। ଖ) ସମ୍ପୂର୍ଣ୍ଣ ଆବେଦନ ପତ୍ର ରେଜିଷ୍ଟର୍ଡ ଡାକ ଯୋଗେ ପଠାଇବେ।

ପରବର୍ତ୍ତୀ ପୃଷ୍ଠା ଦେଖନ୍ତୁ
